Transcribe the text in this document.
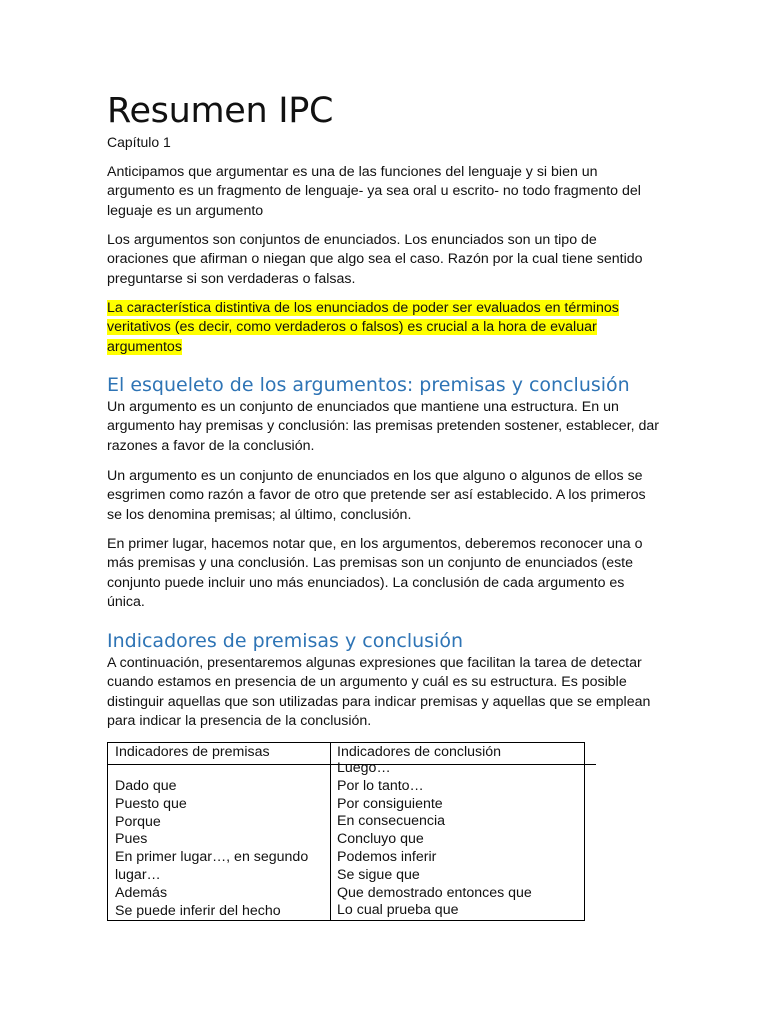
Resumen IPC
Capítulo 1

Anticipamos que argumentar es una de las funciones del lenguaje y si bien un argumento es un fragmento de lenguaje- ya sea oral u escrito- no todo fragmento del leguaje es un argumento

Los argumentos son conjuntos de enunciados. Los enunciados son un tipo de oraciones que afirman o niegan que algo sea el caso. Razón por la cual tiene sentido preguntarse si son verdaderas o falsas.

La característica distintiva de los enunciados de poder ser evaluados en términos veritativos (es decir, como verdaderos o falsos) es crucial a la hora de evaluar argumentos

El esqueleto de los argumentos: premisas y conclusión

Un argumento es un conjunto de enunciados que mantiene una estructura. En un argumento hay premisas y conclusión: las premisas pretenden sostener, establecer, dar razones a favor de la conclusión.

Un argumento es un conjunto de enunciados en los que alguno o algunos de ellos se esgrimen como razón a favor de otro que pretende ser así establecido. A los primeros se los denomina premisas; al último, conclusión.

En primer lugar, hacemos notar que, en los argumentos, deberemos reconocer una o más premisas y una conclusión. Las premisas son un conjunto de enunciados (este conjunto puede incluir uno más enunciados). La conclusión de cada argumento es única.

Indicadores de premisas y conclusión

A continuación, presentaremos algunas expresiones que facilitan la tarea de detectar cuando estamos en presencia de un argumento y cuál es su estructura. Es posible distinguir aquellas que son utilizadas para indicar premisas y aquellas que se emplean para indicar la presencia de la conclusión.

Indicadores de premisas	Indicadores de conclusión
Dado que
Puesto que
Porque
Pues
En primer lugar…, en segundo
lugar…
Además
Se puede inferir del hecho
Luego…
Por lo tanto…
Por consiguiente
En consecuencia
Concluyo que
Podemos inferir
Se sigue que
Que demostrado entonces que
Lo cual prueba que
